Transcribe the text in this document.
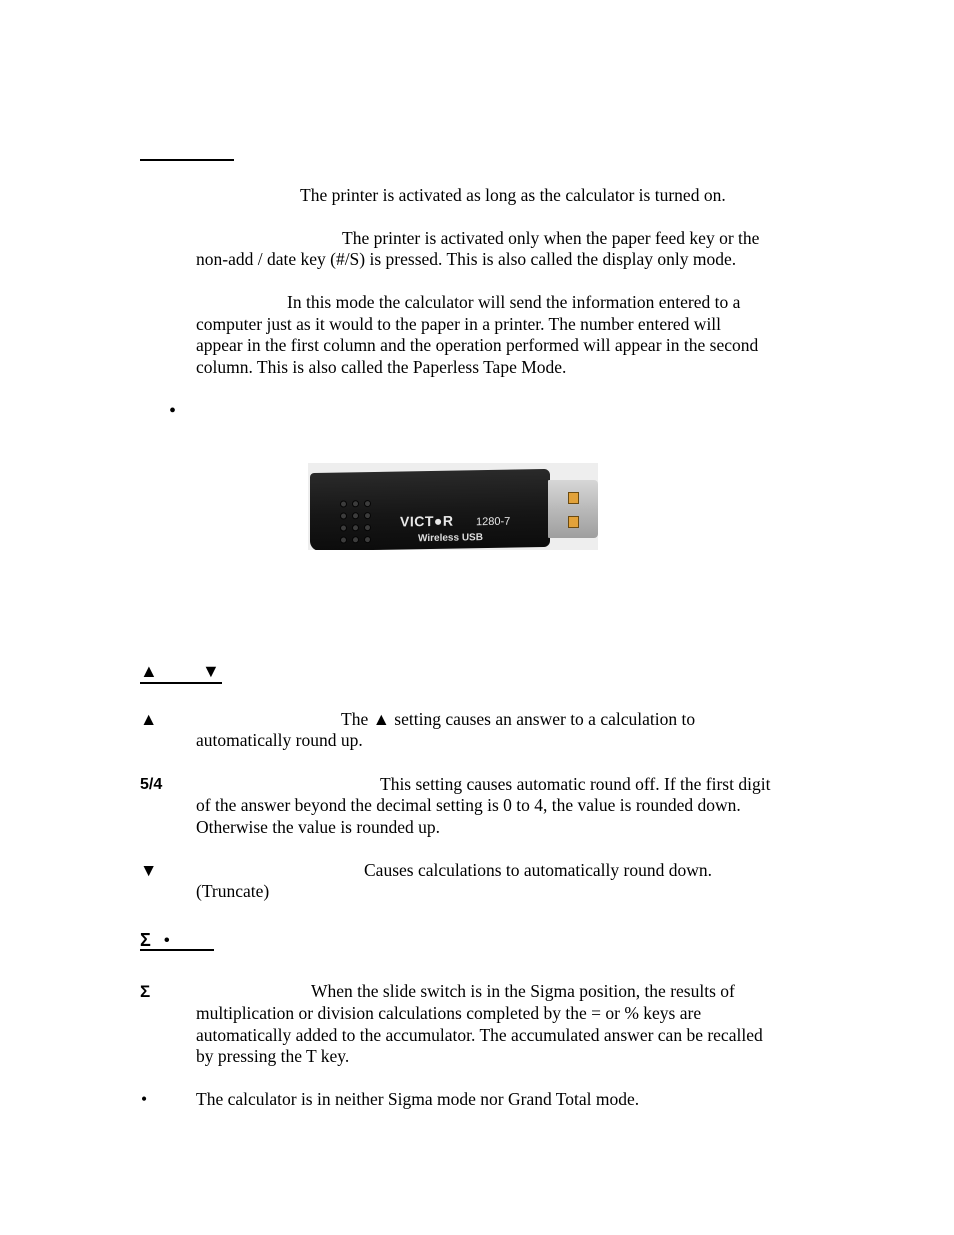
The printer is activated as long as the calculator is turned on.
The printer is activated only when the paper feed key or the
non-add / date key (#/S) is pressed. This is also called the display only mode.
In this mode the calculator will send the information entered to a
computer just as it would to the paper in a printer. The number entered will
appear in the first column and the operation performed will appear in the second
column. This is also called the Paperless Tape Mode.
•
VICT●R 1280-7
Wireless USB
▲ ▼
▲	The ▲ setting causes an answer to a calculation to
automatically round up.
5/4	This setting causes automatic round off. If the first digit
of the answer beyond the decimal setting is 0 to 4, the value is rounded down.
Otherwise the value is rounded up.
▼	Causes calculations to automatically round down.
(Truncate)
Σ •
Σ	When the slide switch is in the Sigma position, the results of
multiplication or division calculations completed by the = or % keys are
automatically added to the accumulator. The accumulated answer can be recalled
by pressing the T key.
•	The calculator is in neither Sigma mode nor Grand Total mode.
